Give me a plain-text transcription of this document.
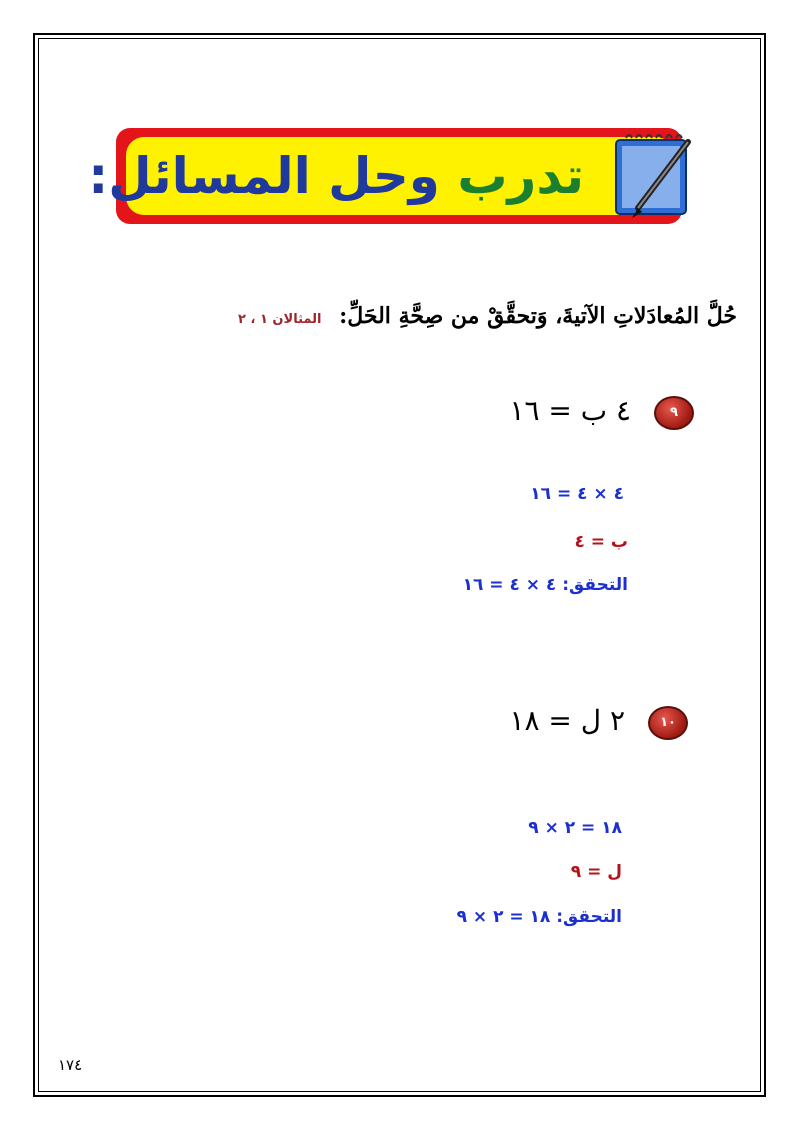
تدرب وحل المسائل:
حُلَّ المُعادَلاتِ الآتيةَ، وَتحقَّقْ من صِحَّةِ الحَلِّ: المثالان ١ ، ٢
٩ ٤ ب = ١٦
٤ × ٤ = ١٦
ب = ٤
التحقق: ٤ × ٤ = ١٦
١٠ ٢ ل = ١٨
١٨ = ٢ × ٩
ل = ٩
التحقق: ١٨ = ٢ × ٩
١٧٤
